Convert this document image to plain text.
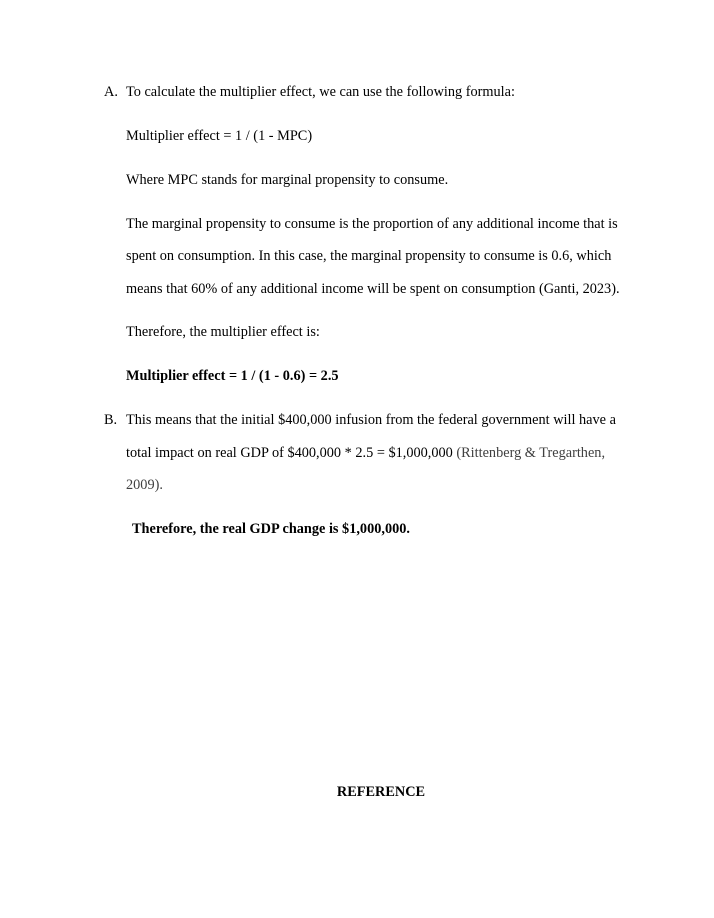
A. To calculate the multiplier effect, we can use the following formula:
Multiplier effect = 1 / (1 - MPC)
Where MPC stands for marginal propensity to consume.
The marginal propensity to consume is the proportion of any additional income that is
spent on consumption. In this case, the marginal propensity to consume is 0.6, which
means that 60% of any additional income will be spent on consumption (Ganti, 2023).
Therefore, the multiplier effect is:
Multiplier effect = 1 / (1 - 0.6) = 2.5
B. This means that the initial $400,000 infusion from the federal government will have a
total impact on real GDP of $400,000 * 2.5 = $1,000,000 (Rittenberg & Tregarthen,
2009).
Therefore, the real GDP change is $1,000,000.
REFERENCE
